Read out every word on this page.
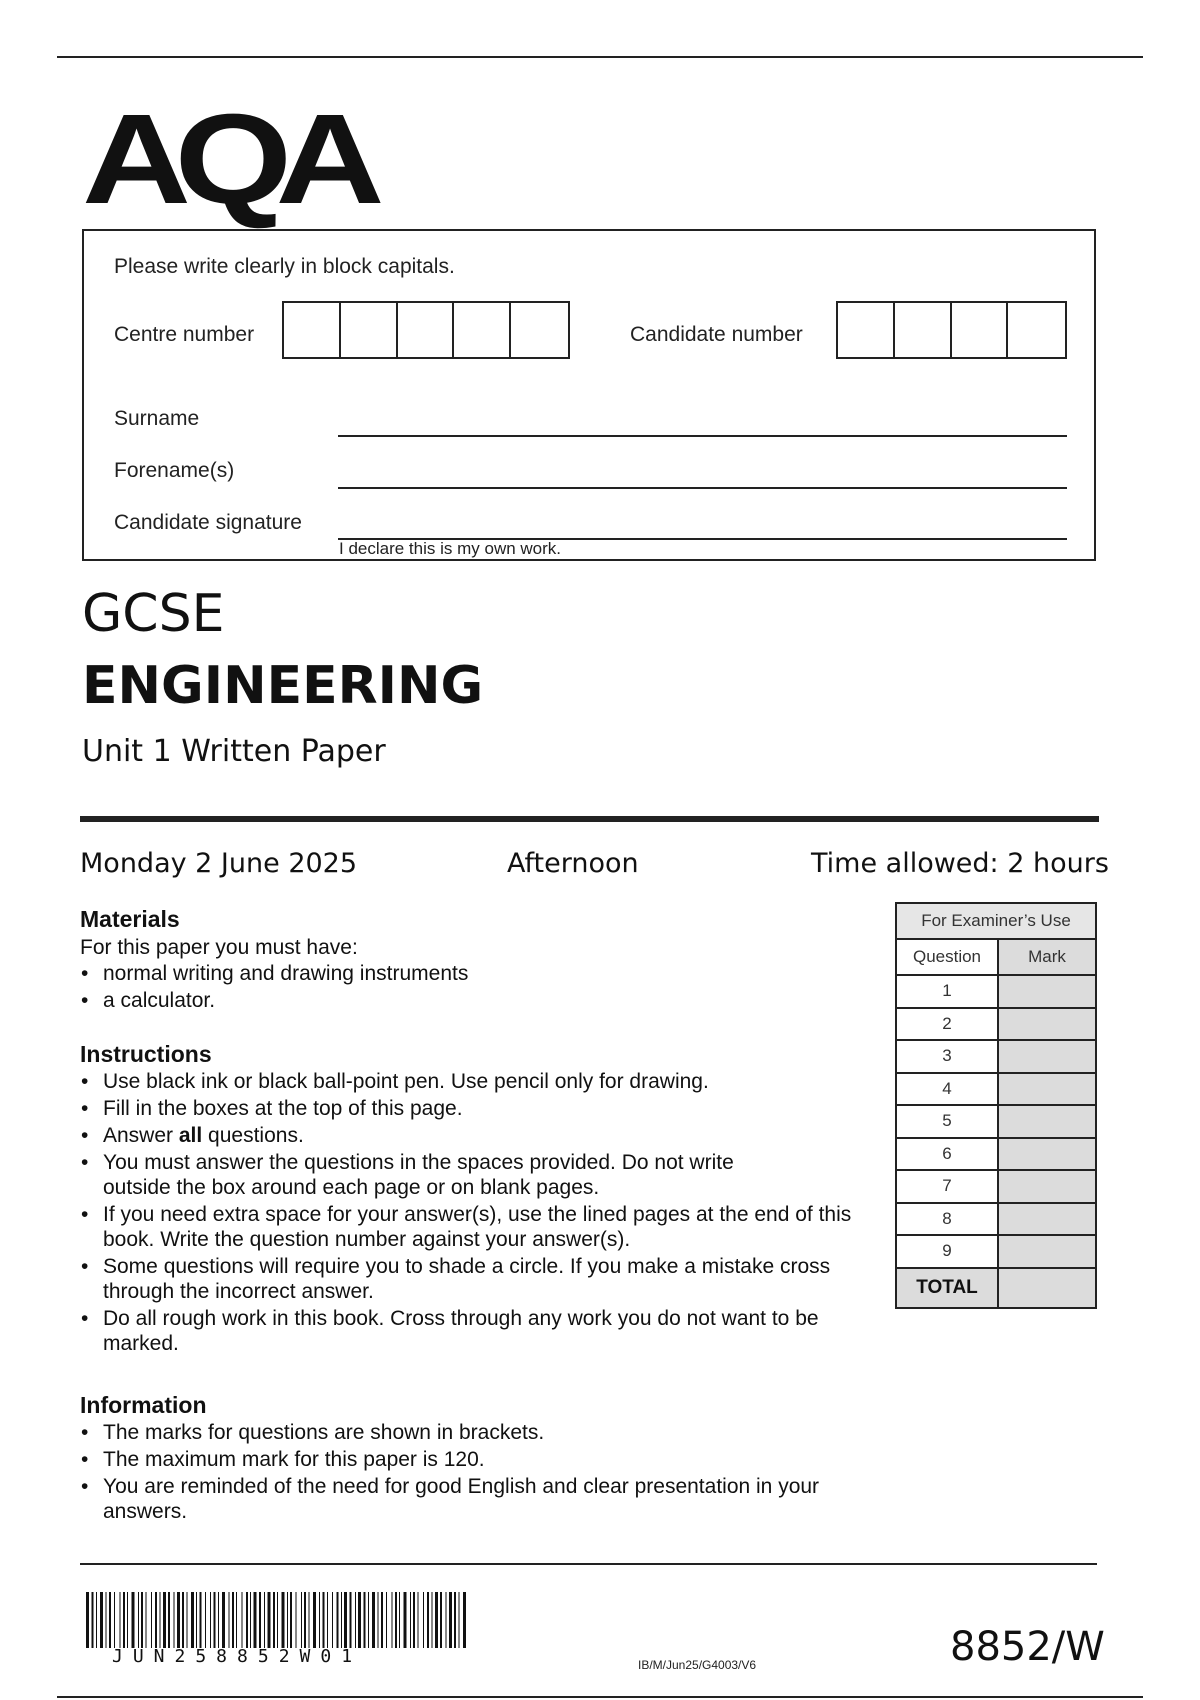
AQA
Please write clearly in block capitals.
Centre number	Candidate number
Surname
Forename(s)
Candidate signature
I declare this is my own work.
GCSE
ENGINEERING
Unit 1 Written Paper
Monday 2 June 2025	Afternoon	Time allowed: 2 hours
Materials

For this paper you must have:

• normal writing and drawing instruments
• a calculator.
Instructions
• Use black ink or black ball-point pen. Use pencil only for drawing.
• Fill in the boxes at the top of this page.
• Answer all questions.
• You must answer the questions in the spaces provided. Do not write outside the box around each page or on blank pages.
• If you need extra space for your answer(s), use the lined pages at the end of this book. Write the question number against your answer(s).
• Some questions will require you to shade a circle. If you make a mistake cross through the incorrect answer.
• Do all rough work in this book. Cross through any work you do not want to be marked.
Information
• The marks for questions are shown in brackets.
• The maximum mark for this paper is 120.
• You are reminded of the need for good English and clear presentation in your answers.
For Examiner’s Use	
Question	Mark
1	
2	
3	
4	
5	
6	
7	
8	
9	
TOTAL	
JUN258852W01	IB/M/Jun25/G4003/V6	8852/W
